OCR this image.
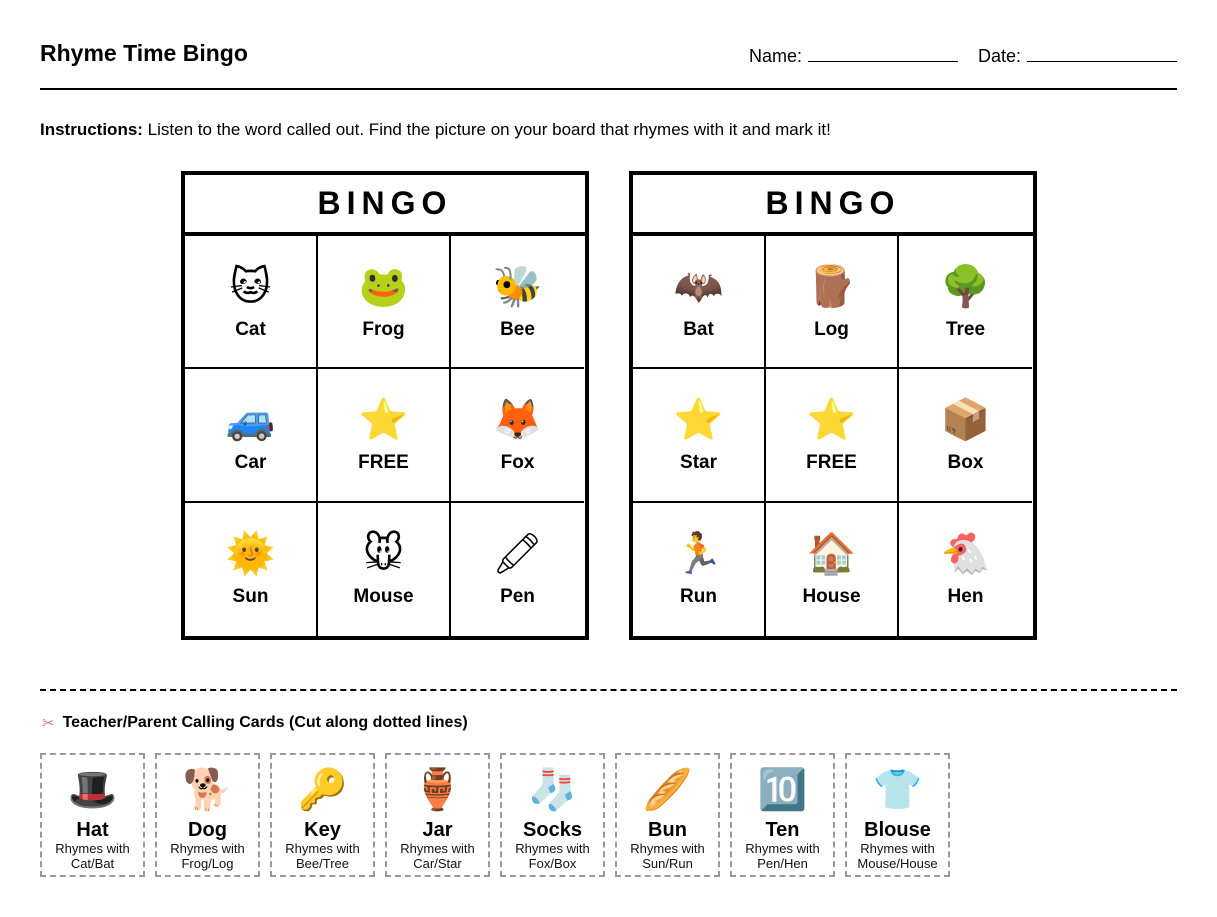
Rhyme Time Bingo	Name:	Date:
Instructions: Listen to the word called out. Find the picture on your board that rhymes with it and mark it!
BINGO
🐱
Cat
🐸
Frog
🐝
Bee
🚙
Car
⭐
FREE
🦊
Fox
🌞
Sun
🐭
Mouse
🖍
Pen
BINGO
🦇
Bat
🪵
Log
🌳
Tree
⭐
Star
⭐
FREE
📦
Box
🏃
Run
🏠
House
🐔
Hen
✂ Teacher/Parent Calling Cards (Cut along dotted lines)
🎩
Hat
Rhymes with
Cat/Bat
🐕
Dog
Rhymes with
Frog/Log
🔑
Key
Rhymes with
Bee/Tree
🏺
Jar
Rhymes with
Car/Star
🧦
Socks
Rhymes with
Fox/Box
🥖
Bun
Rhymes with
Sun/Run
🔟
Ten
Rhymes with
Pen/Hen
👕
Blouse
Rhymes with
Mouse/House
